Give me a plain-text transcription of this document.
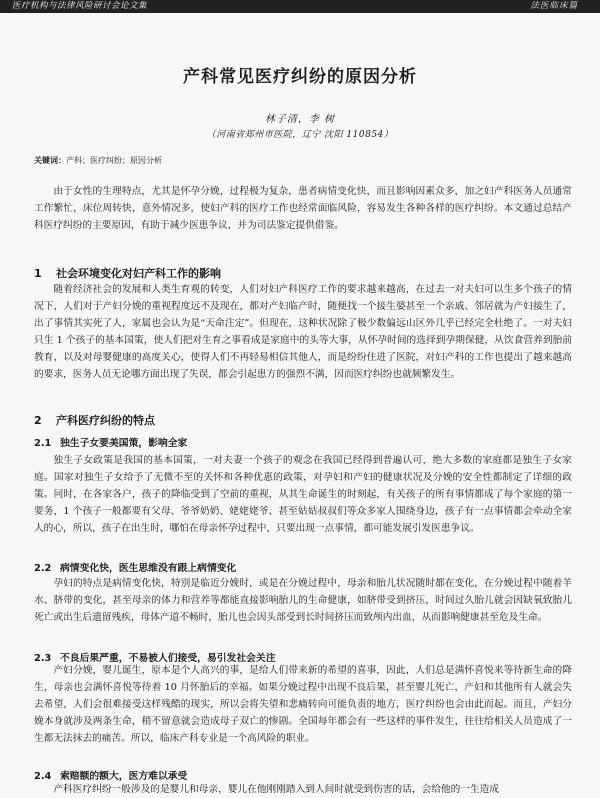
医疗机构与法律风险研讨会论文集	法医临床篇
产科常见医疗纠纷的原因分析
林子清，李 树
（河南省郑州市医院，辽宁 沈阳 110854）
关键词：产科；医疗纠纷；原因分析

由于女性的生理特点，尤其是怀孕分娩，过程极为复杂，患者病情变化快，而且影响因素众多，加之妇产科医务人员通常工作繁忙，床位周转快，意外情况多，使妇产科的医疗工作也经常面临风险，容易发生各种各样的医疗纠纷。本文通过总结产科医疗纠纷的主要原因，有助于减少医患争议，并为司法鉴定提供借鉴。

1 社会环境变化对妇产科工作的影响

随着经济社会的发展和人类生育观的转变，人们对妇产科医疗工作的要求越来越高，在过去一对夫妇可以生多个孩子的情况下，人们对于产妇分娩的重视程度远不及现在，都对产妇临产时，随便找一个接生婆甚至一个亲戚、邻居就为产妇接生了，出了事情其实死了人，家属也会认为是“天命注定”。但现在，这种状况除了极少数偏远山区外几乎已经完全杜绝了。一对夫妇只生 1 个孩子的基本国策，使人们把对生育之事看成是家庭中的头等大事，从怀孕时间的选择到孕期保健，从饮食营养到胎前教育，以及对母婴健康的高度关心，使得人们不再轻易相信其他人，而是纷纷住进了医院，对妇产科的工作也提出了越来越高的要求，医务人员无论哪方面出现了失误，都会引起患方的强烈不满，因而医疗纠纷也就频繁发生。

2 产科医疗纠纷的特点
2.1 独生子女要美国策，影响全家

独生子女政策是我国的基本国策，一对夫妻一个孩子的观念在我国已经得到普遍认可，绝大多数的家庭都是独生子女家庭。国家对独生子女给予了无微不至的关怀和各种优惠的政策，对孕妇和产妇的健康状况及分娩的安全性都制定了详细的政策。同时，在各家各户，孩子的降临受到了空前的重视，从其生命诞生的时刻起，有关孩子的所有事情都成了每个家庭的第一要务，1 个孩子一般都要有父母、爷爷奶奶、姥姥姥爷、甚至姑姑叔叔们等众多家人围绕身边，孩子有一点事情都会牵动全家人的心，所以，孩子在出生时，哪怕在母亲怀孕过程中，只要出现一点事情，都可能发展引发医患争议。

2.2 病情变化快，医生思维没有跟上病情变化

孕妇的特点是病情变化快，特别是临近分娩时，或是在分娩过程中，母亲和胎儿状况随时都在变化，在分娩过程中随着羊水、脐带的变化，甚至母亲的体力和营养等都能直接影响胎儿的生命健康，如脐带受到挤压，时间过久胎儿就会因缺氧致胎儿死亡或出生后遗留残疾，母体产道不畅时，胎儿也会因头部受到长时间挤压而致颅内出血，从而影响健康甚至危及生命。

2.3 不良后果严重，不易被人们接受，易引发社会关注

产妇分娩，婴儿诞生，原本是个人高兴的事，是给人们带来新的希望的喜事，因此，人们总是满怀喜悦来等待新生命的降生，母亲也会满怀喜悦等待着 10 月怀胎后的幸福。如果分娩过程中出现不良后果，甚至婴儿死亡，产妇和其他所有人就会失去希望，人们会很难接受这样残酷的现实，所以会将失望和悲痛转向可能负责的地方，医疗纠纷也会由此而起。而且，产妇分娩本身就涉及两条生命，稍不留意就会造成母子双亡的惨剧。全国每年都会有一些这样的事件发生，往往给相关人员造成了一生都无法抹去的痛苦。所以，临床产科专业是一个高风险的职业。

2.4 索赔额的额大，医方难以承受

产科医疗纠纷一般涉及的是婴儿和母亲，婴儿在他刚刚踏入到人间时就受到伤害的话，会给他的一生造成
